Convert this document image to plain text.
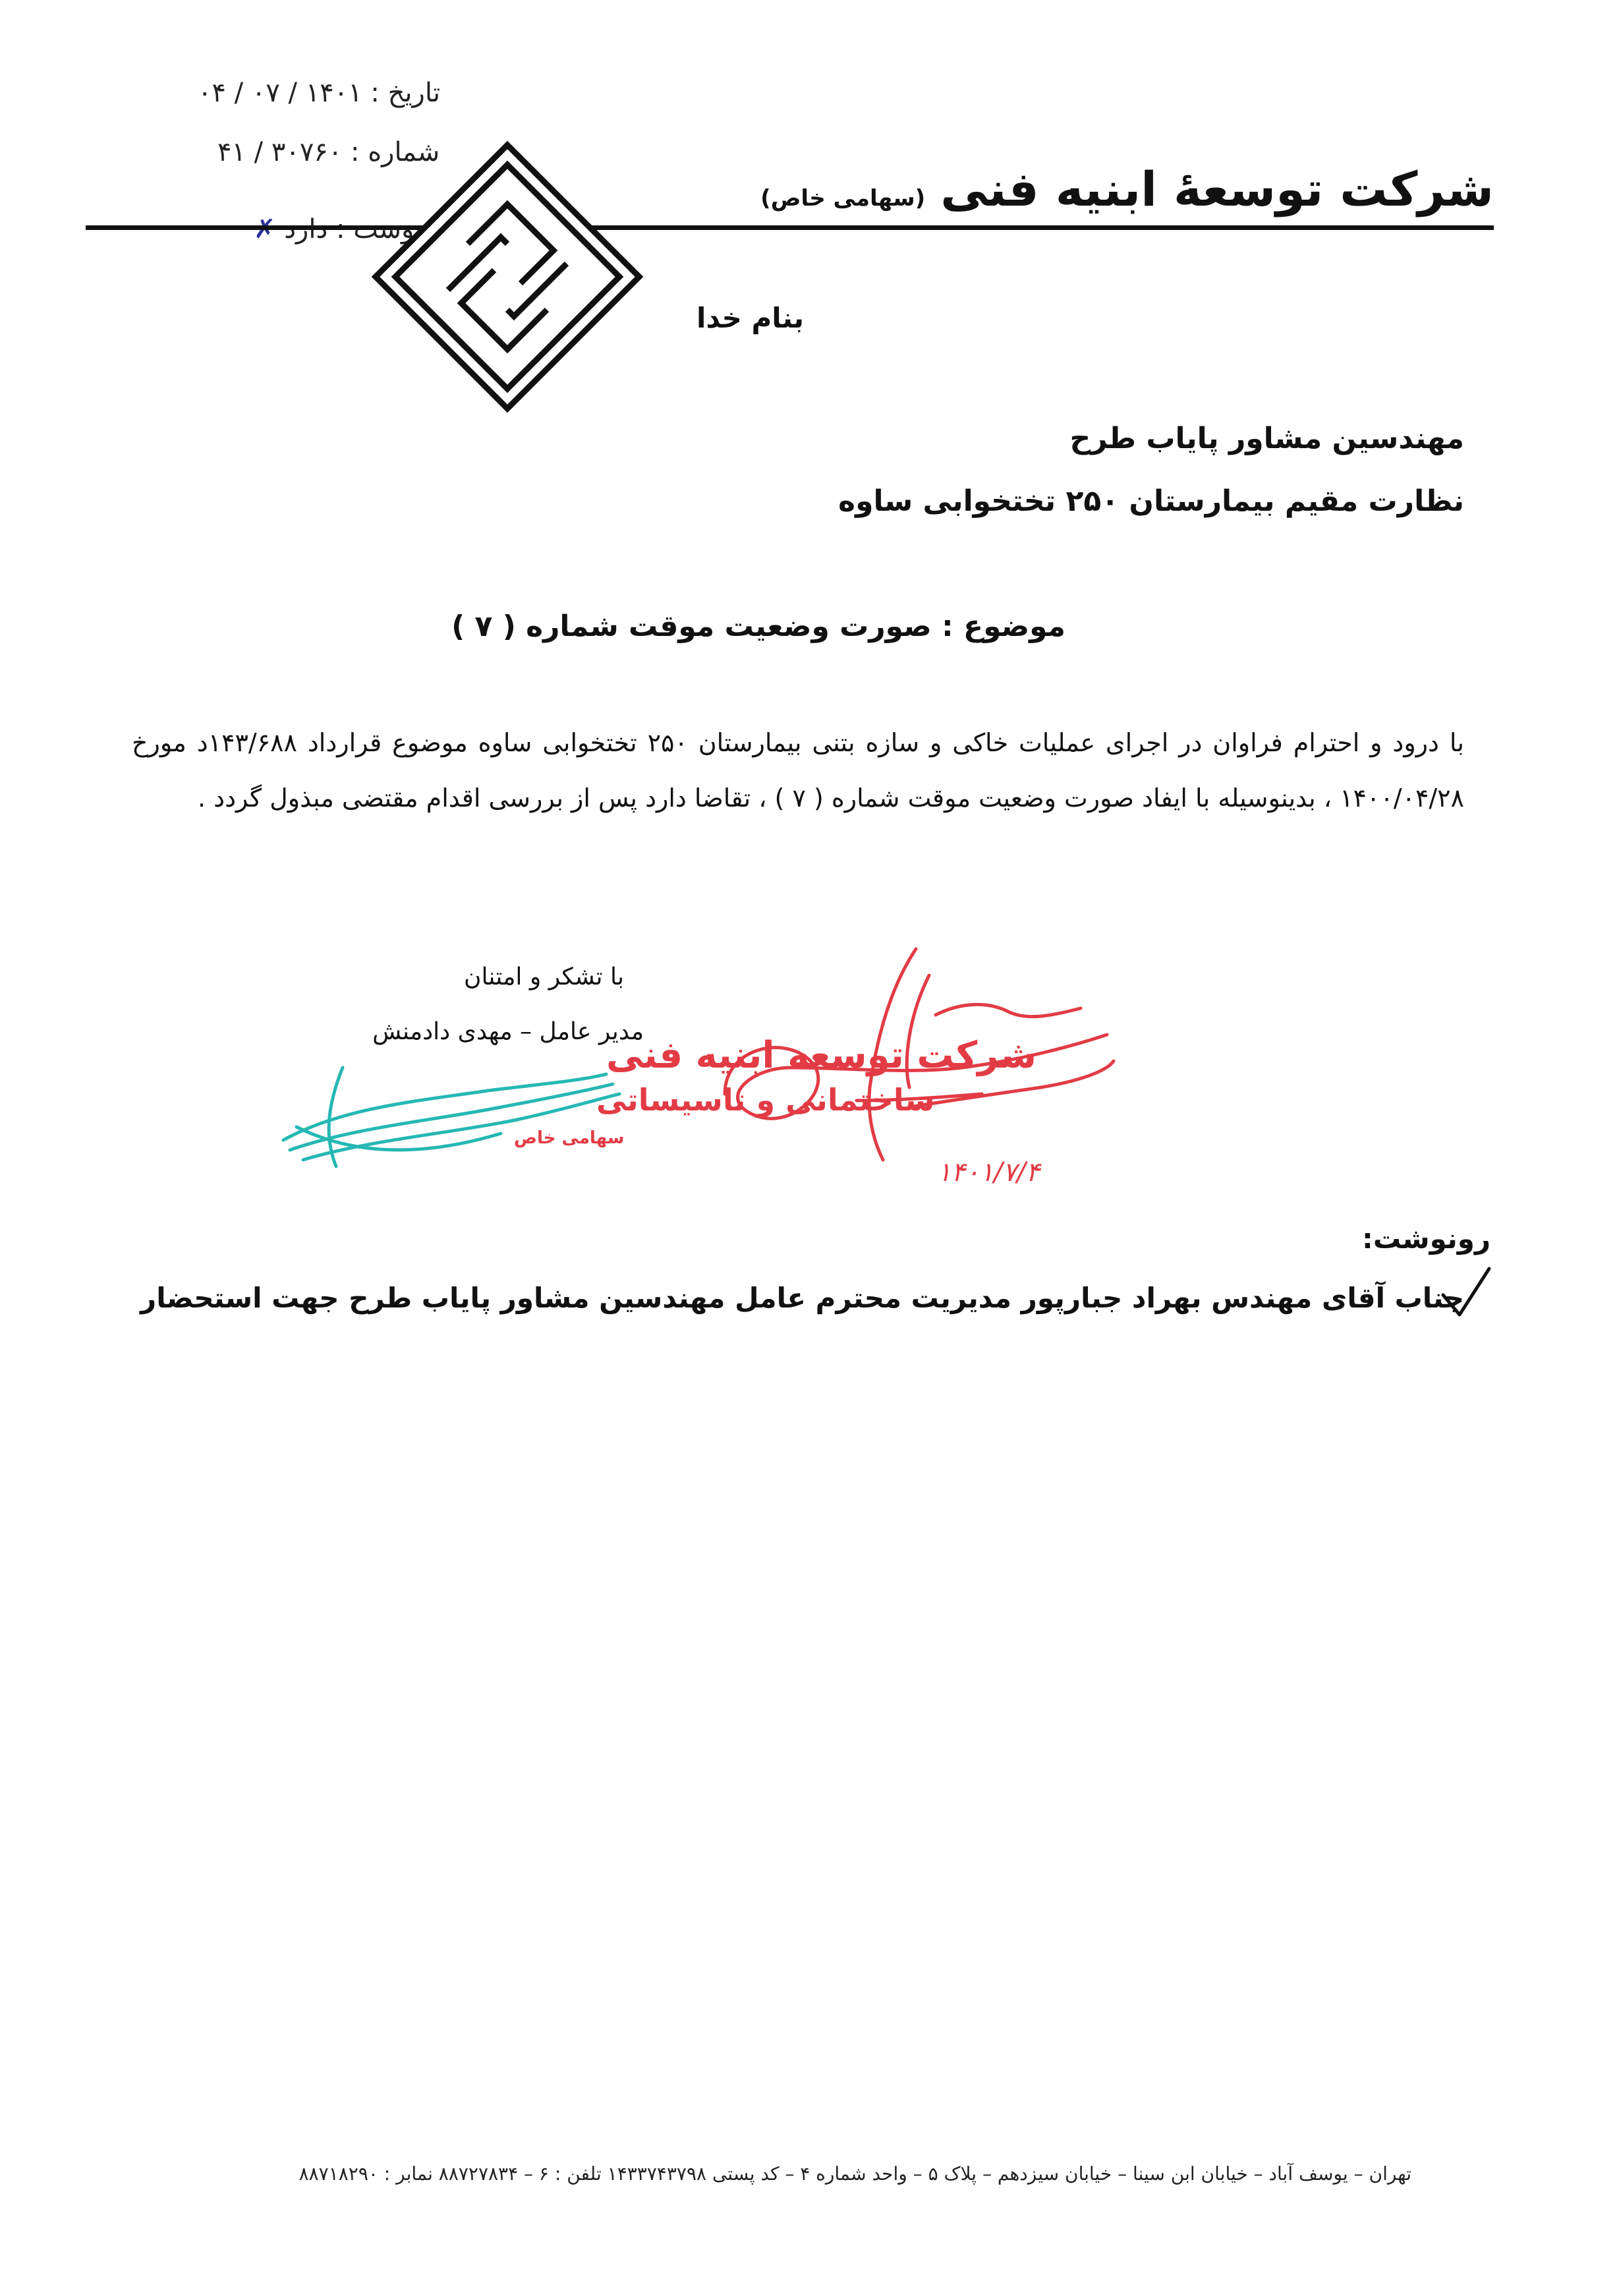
تاریخ : ۱۴۰۱ / ۰۷ / ۰۴
شماره : ۳۰۷۶۰ / ۴۱
شرکت توسعۀ ابنیه فنی (سهامی خاص)
بنام خدا
مهندسین مشاور پایاب طرح
نظارت مقیم بیمارستان ۲۵۰ تختخوابی ساوه
موضوع : صورت وضعیت موقت شماره ( ۷ )
با درود و احترام فراوان در اجرای عملیات خاکی و سازه بتنی بیمارستان ۲۵۰ تختخوابی ساوه موضوع قرارداد ۱۴۳/۶۸۸د مورخ ۱۴۰۰/۰۴/۲۸ ، بدینوسیله با ایفاد صورت وضعیت موقت شماره ( ۷ ) ، تقاضا دارد پس از بررسی اقدام مقتضی مبذول گردد .
با تشکر و امتنان
مدیر عامل – مهدی دادمنش
شرکت توسعه ابنیه فنی
ساختمانی و تاسیساتی
سهامی خاص
۱۴۰۱/۷/۴
رونوشت:
جناب آقای مهندس بهراد جبارپور مدیریت محترم عامل مهندسین مشاور پایاب طرح جهت استحضار
تهران – یوسف آباد – خیابان ابن سینا – خیابان سیزدهم – پلاک ۵ – واحد شماره ۴ – کد پستی ۱۴۳۳۷۴۳۷۹۸ تلفن : ۶ – ۸۸۷۲۷۸۳۴ نمابر : ۸۸۷۱۸۲۹۰
